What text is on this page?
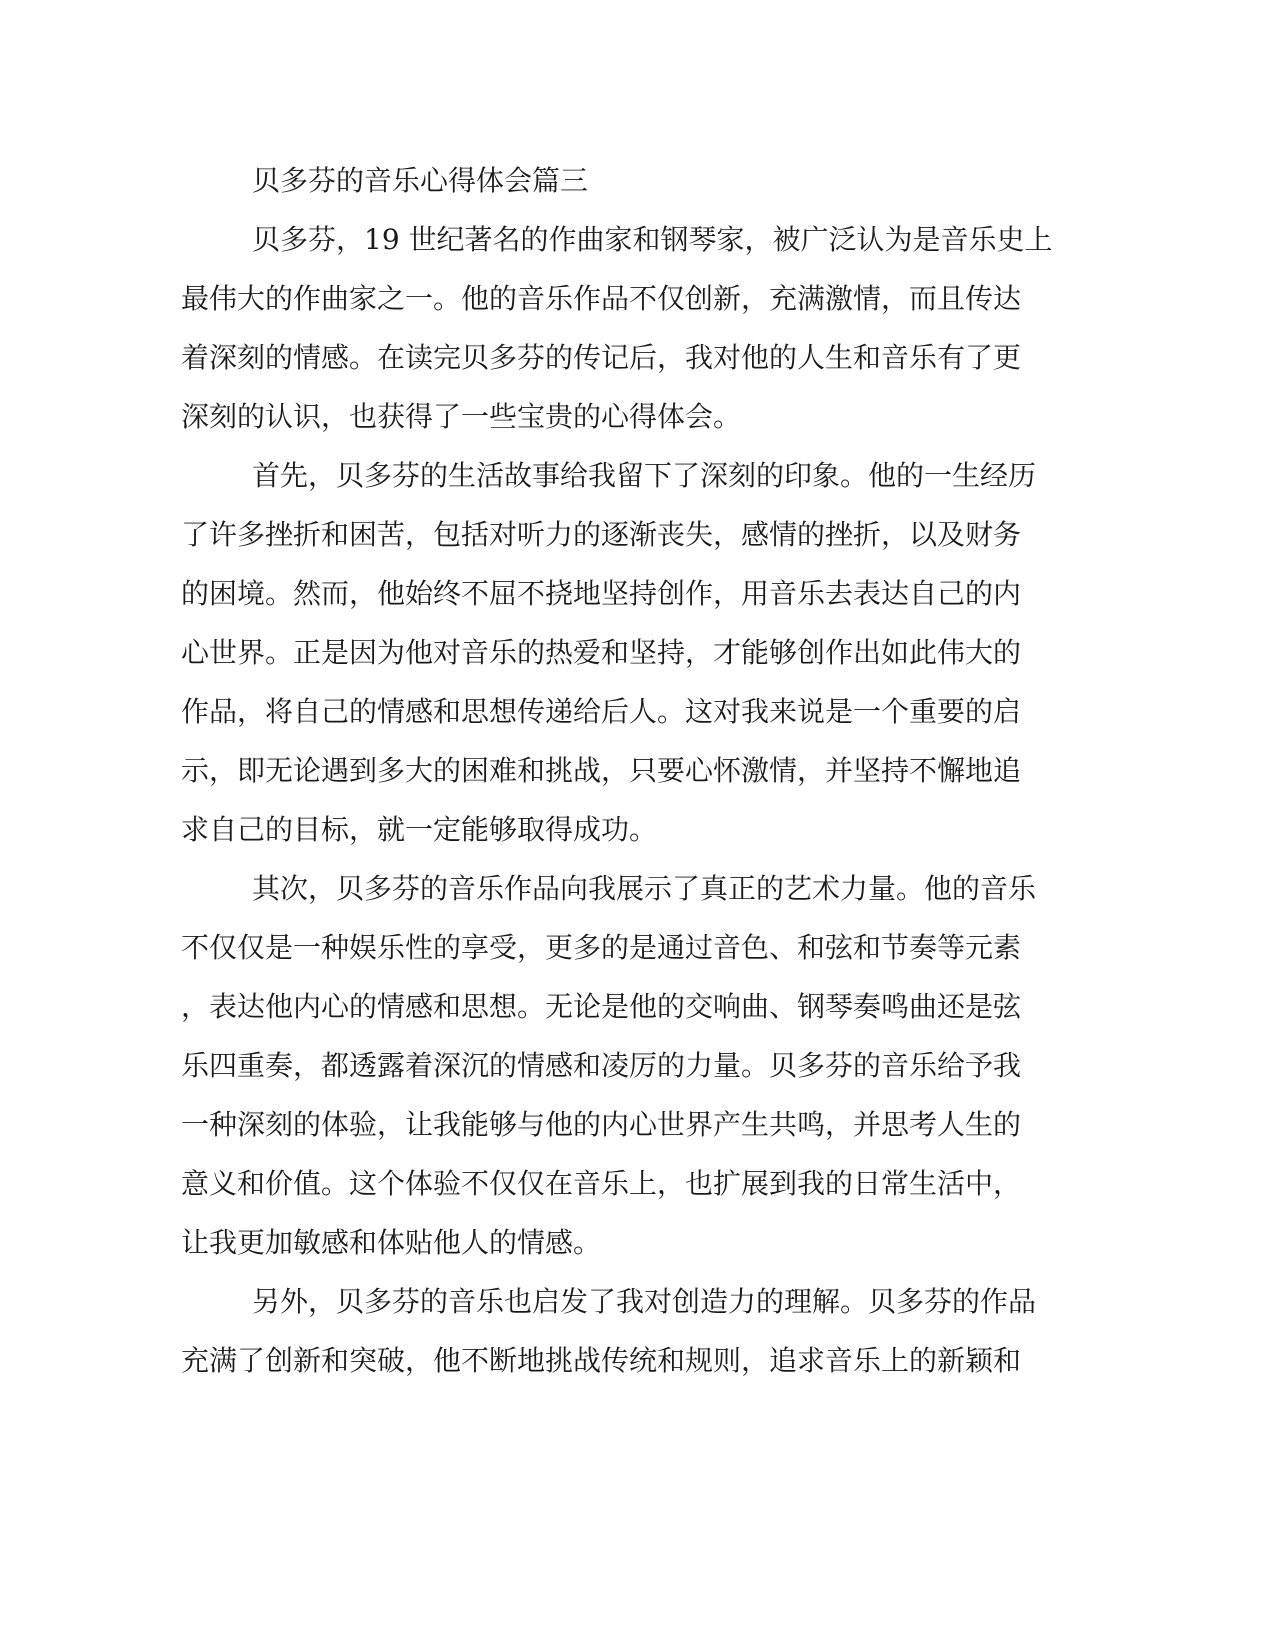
贝多芬的音乐心得体会篇三
贝多芬，19 世纪著名的作曲家和钢琴家，被广泛认为是音乐史上
最伟大的作曲家之一。他的音乐作品不仅创新，充满激情，而且传达
着深刻的情感。在读完贝多芬的传记后，我对他的人生和音乐有了更
深刻的认识，也获得了一些宝贵的心得体会。
首先，贝多芬的生活故事给我留下了深刻的印象。他的一生经历
了许多挫折和困苦，包括对听力的逐渐丧失，感情的挫折，以及财务
的困境。然而，他始终不屈不挠地坚持创作，用音乐去表达自己的内
心世界。正是因为他对音乐的热爱和坚持，才能够创作出如此伟大的
作品，将自己的情感和思想传递给后人。这对我来说是一个重要的启
示，即无论遇到多大的困难和挑战，只要心怀激情，并坚持不懈地追
求自己的目标，就一定能够取得成功。
其次，贝多芬的音乐作品向我展示了真正的艺术力量。他的音乐
不仅仅是一种娱乐性的享受，更多的是通过音色、和弦和节奏等元素
，表达他内心的情感和思想。无论是他的交响曲、钢琴奏鸣曲还是弦
乐四重奏，都透露着深沉的情感和凌厉的力量。贝多芬的音乐给予我
一种深刻的体验，让我能够与他的内心世界产生共鸣，并思考人生的
意义和价值。这个体验不仅仅在音乐上，也扩展到我的日常生活中，
让我更加敏感和体贴他人的情感。
另外，贝多芬的音乐也启发了我对创造力的理解。贝多芬的作品
充满了创新和突破，他不断地挑战传统和规则，追求音乐上的新颖和
